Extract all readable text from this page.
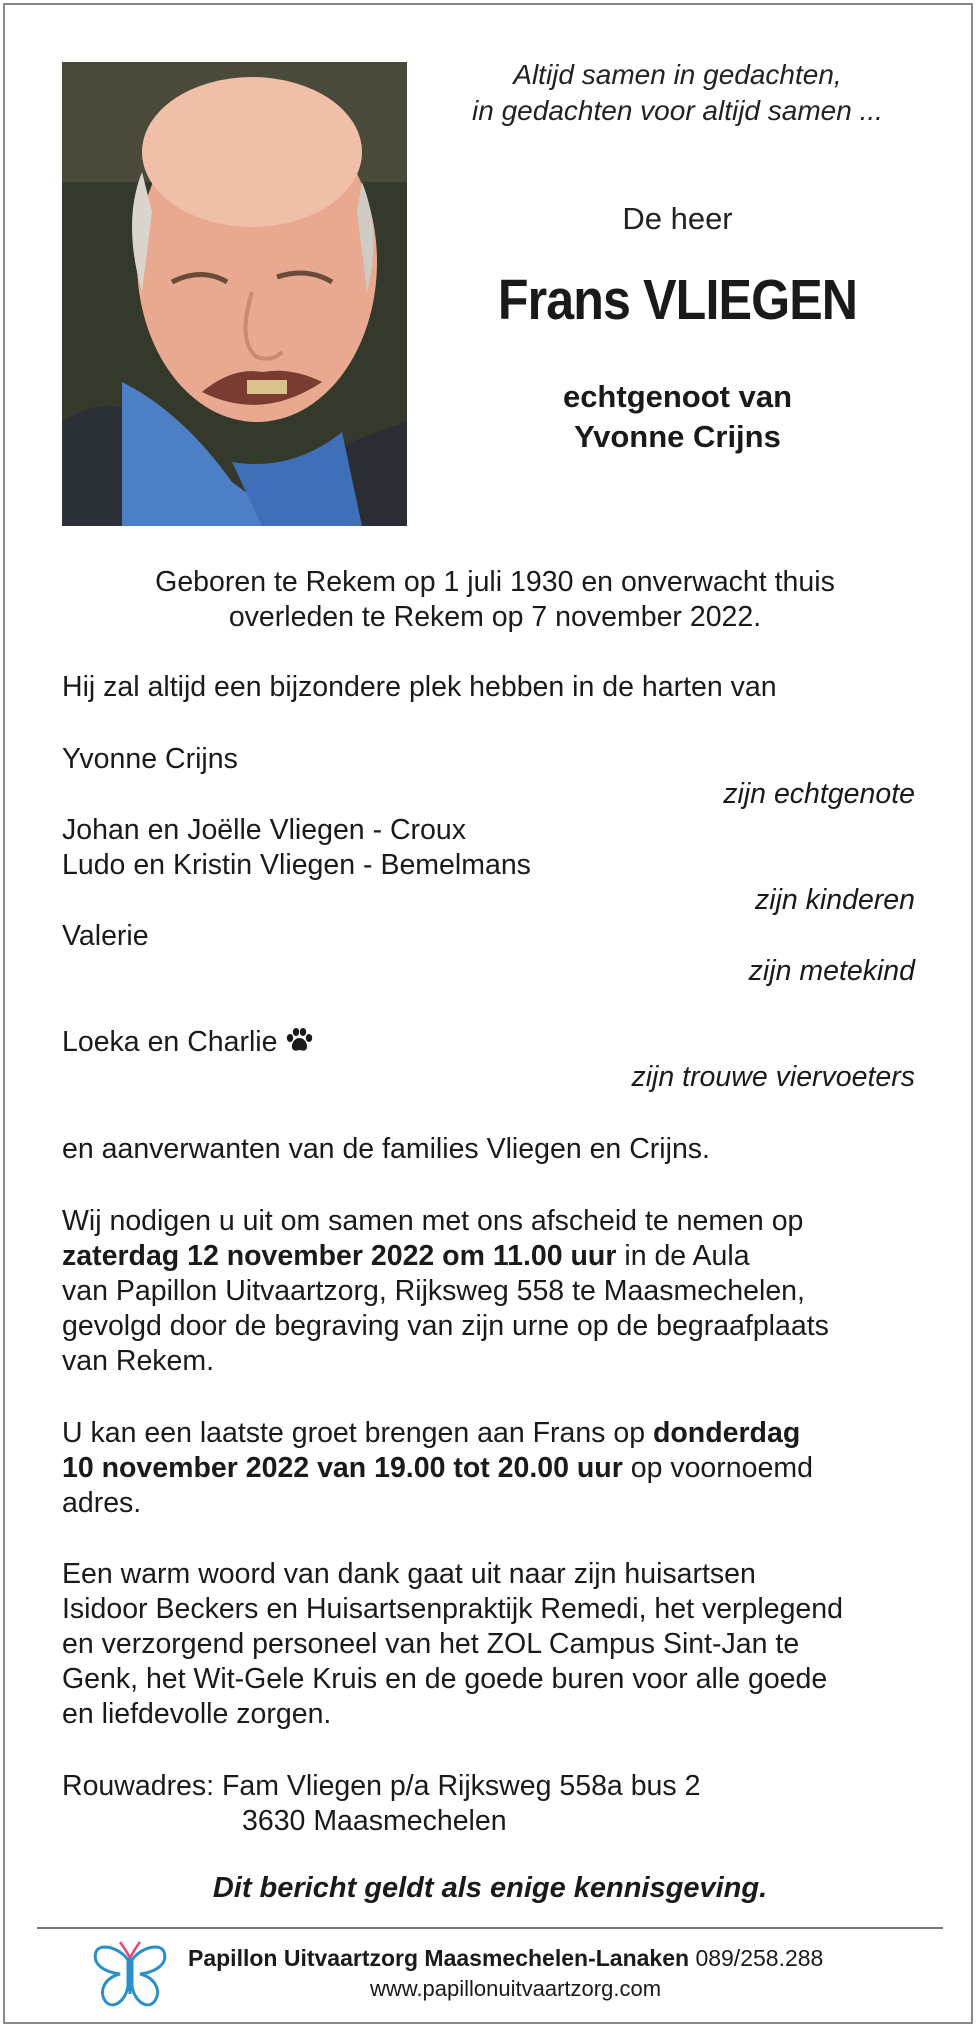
Altijd samen in gedachten,
in gedachten voor altijd samen ...
De heer
Frans VLIEGEN
echtgenoot van
Yvonne Crijns
Geboren te Rekem op 1 juli 1930 en onverwacht thuis
overleden te Rekem op 7 november 2022.
Hij zal altijd een bijzondere plek hebben in de harten van
Yvonne Crijns
zijn echtgenote
Johan en Joëlle Vliegen - Croux
Ludo en Kristin Vliegen - Bemelmans
zijn kinderen
Valerie
zijn metekind
Loeka en Charlie
zijn trouwe viervoeters
en aanverwanten van de families Vliegen en Crijns.
Wij nodigen u uit om samen met ons afscheid te nemen op
zaterdag 12 november 2022 om 11.00 uur in de Aula
van Papillon Uitvaartzorg, Rijksweg 558 te Maasmechelen,
gevolgd door de begraving van zijn urne op de begraafplaats
van Rekem.
U kan een laatste groet brengen aan Frans op donderdag
10 november 2022 van 19.00 tot 20.00 uur op voornoemd
adres.
Een warm woord van dank gaat uit naar zijn huisartsen
Isidoor Beckers en Huisartsenpraktijk Remedi, het verplegend
en verzorgend personeel van het ZOL Campus Sint-Jan te
Genk, het Wit-Gele Kruis en de goede buren voor alle goede
en liefdevolle zorgen.
Rouwadres: Fam Vliegen p/a Rijksweg 558a bus 2
3630 Maasmechelen
Dit bericht geldt als enige kennisgeving.
Papillon Uitvaartzorg Maasmechelen-Lanaken 089/258.288
www.papillonuitvaartzorg.com
